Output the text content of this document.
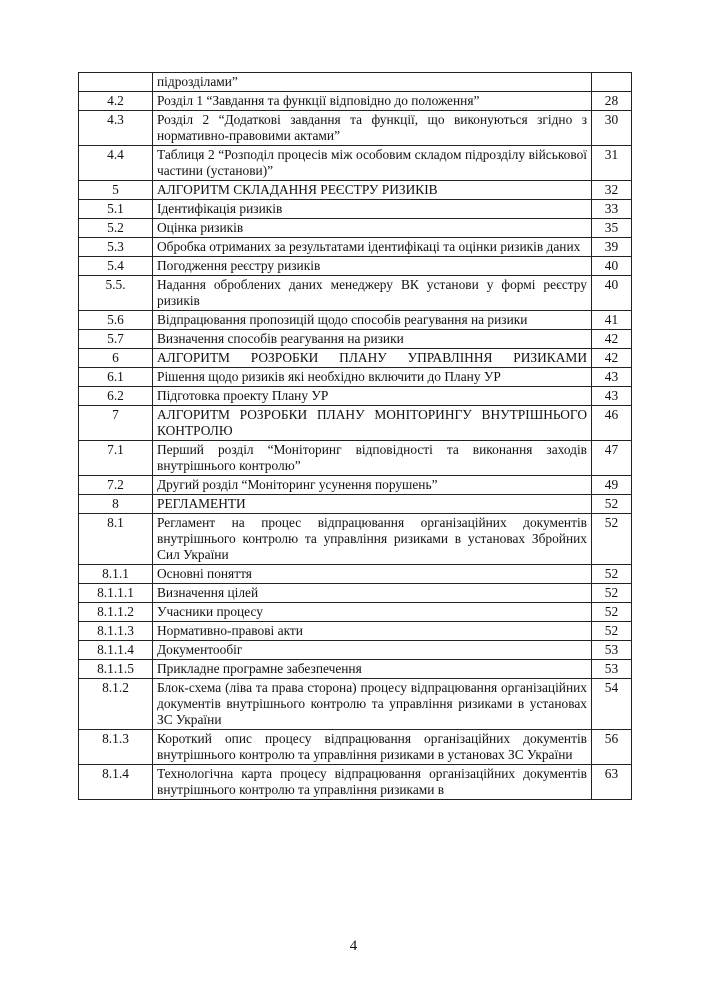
	підрозділами”	
4.2	Розділ 1 “Завдання та функції відповідно до положення”	28
4.3	Розділ 2 “Додаткові завдання та функції, що виконуються згідно з нормативно-правовими актами”	30
4.4	Таблиця 2 “Розподіл процесів між особовим складом підрозділу військової частини (установи)”	31
5	АЛГОРИТМ СКЛАДАННЯ РЕЄСТРУ РИЗИКІВ	32
5.1	Ідентифікація ризиків	33
5.2	Оцінка ризиків	35
5.3	Обробка отриманих за результатами ідентифікаці та оцінки ризиків даних	39
5.4	Погодження реєстру ризиків	40
5.5.	Надання оброблених даних менеджеру ВК установи у формі реєстру ризиків	40
5.6	Відпрацювання пропозицій щодо способів реагування на ризики	41
5.7	Визначення способів реагування на ризики	42
6	АЛГОРИТМ РОЗРОБКИ ПЛАНУ УПРАВЛІННЯ РИЗИКАМИ	42
6.1	Рішення щодо ризиків які необхідно включити до Плану УР	43
6.2	Підготовка проекту Плану УР	43
7	АЛГОРИТМ РОЗРОБКИ ПЛАНУ МОНІТОРИНГУ ВНУТРІШНЬОГО КОНТРОЛЮ	46
7.1	Перший розділ “Моніторинг відповідності та виконання заходів внутрішнього контролю”	47
7.2	Другий розділ “Моніторинг усунення порушень”	49
8	РЕГЛАМЕНТИ	52
8.1	Регламент на процес відпрацювання організаційних документів внутрішнього контролю та управління ризиками в установах Збройних Сил України	52
8.1.1	Основні поняття	52
8.1.1.1	Визначення цілей	52
8.1.1.2	Учасники процесу	52
8.1.1.3	Нормативно-правові акти	52
8.1.1.4	Документообіг	53
8.1.1.5	Прикладне програмне забезпечення	53
8.1.2	Блок-схема (ліва та права сторона) процесу відпрацювання організаційних документів внутрішнього контролю та управління ризиками в установах ЗС України	54
8.1.3	Короткий опис процесу відпрацювання організаційних документів внутрішнього контролю та управління ризиками в установах ЗС України	56
8.1.4	Технологічна карта процесу відпрацювання організаційних документів внутрішнього контролю та управління ризиками в	63
4
